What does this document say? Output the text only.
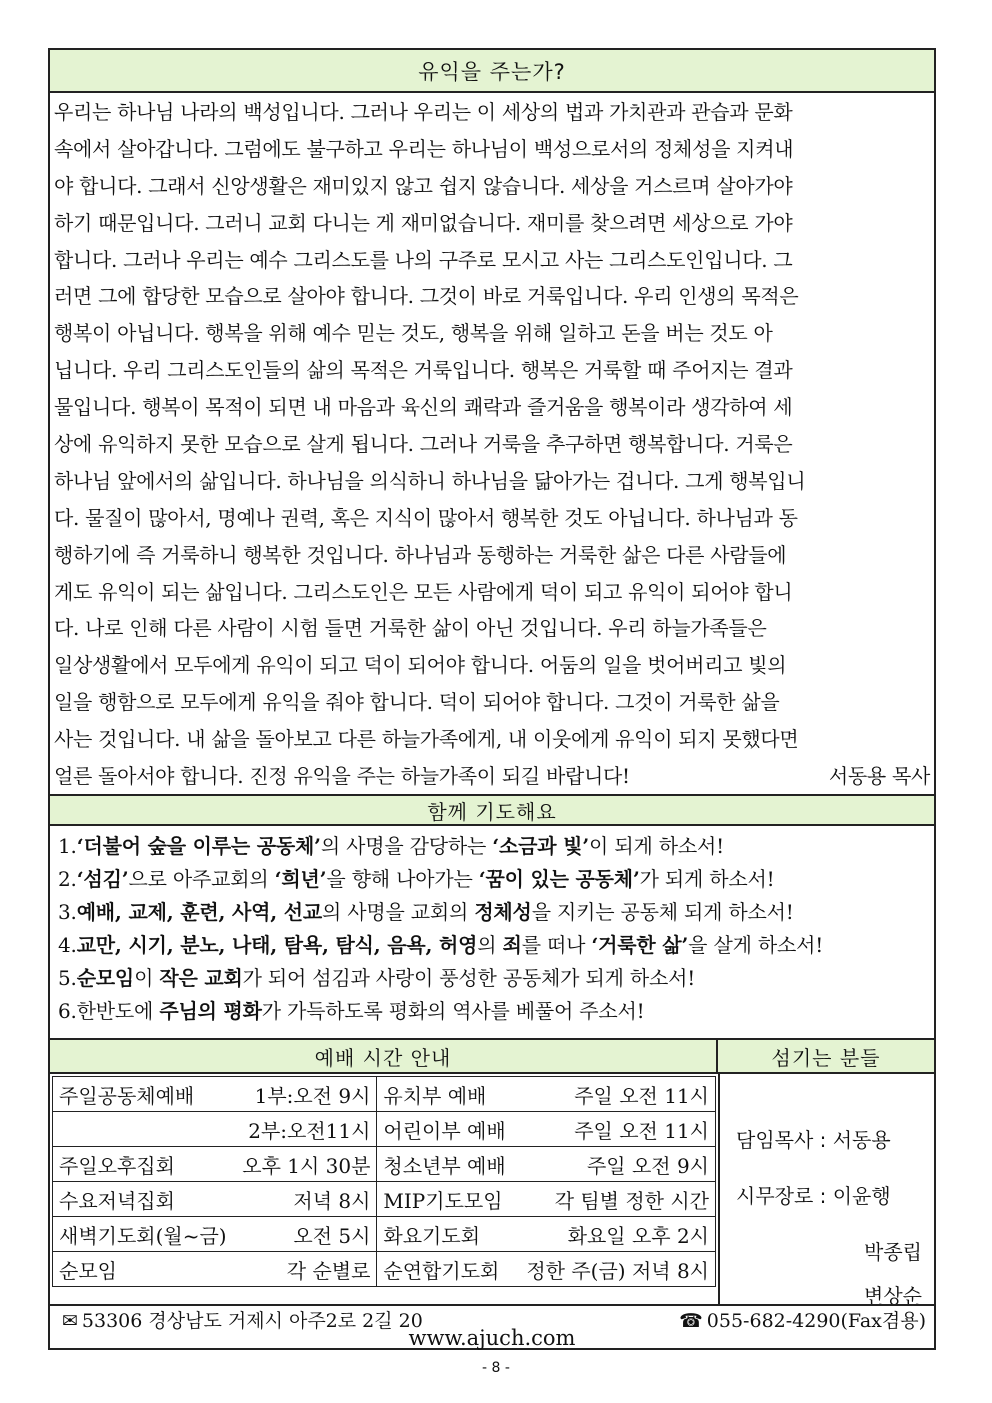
유익을 주는가?
우리는 하나님 나라의 백성입니다. 그러나 우리는 이 세상의 법과 가치관과 관습과 문화
속에서 살아갑니다. 그럼에도 불구하고 우리는 하나님이 백성으로서의 정체성을 지켜내
야 합니다. 그래서 신앙생활은 재미있지 않고 쉽지 않습니다. 세상을 거스르며 살아가야
하기 때문입니다. 그러니 교회 다니는 게 재미없습니다. 재미를 찾으려면 세상으로 가야
합니다. 그러나 우리는 예수 그리스도를 나의 구주로 모시고 사는 그리스도인입니다. 그
러면 그에 합당한 모습으로 살아야 합니다. 그것이 바로 거룩입니다. 우리 인생의 목적은
행복이 아닙니다. 행복을 위해 예수 믿는 것도, 행복을 위해 일하고 돈을 버는 것도 아
닙니다. 우리 그리스도인들의 삶의 목적은 거룩입니다. 행복은 거룩할 때 주어지는 결과
물입니다. 행복이 목적이 되면 내 마음과 육신의 쾌락과 즐거움을 행복이라 생각하여 세
상에 유익하지 못한 모습으로 살게 됩니다. 그러나 거룩을 추구하면 행복합니다. 거룩은
하나님 앞에서의 삶입니다. 하나님을 의식하니 하나님을 닮아가는 겁니다. 그게 행복입니
다. 물질이 많아서, 명예나 권력, 혹은 지식이 많아서 행복한 것도 아닙니다. 하나님과 동
행하기에 즉 거룩하니 행복한 것입니다. 하나님과 동행하는 거룩한 삶은 다른 사람들에
게도 유익이 되는 삶입니다. 그리스도인은 모든 사람에게 덕이 되고 유익이 되어야 합니
다. 나로 인해 다른 사람이 시험 들면 거룩한 삶이 아닌 것입니다. 우리 하늘가족들은
일상생활에서 모두에게 유익이 되고 덕이 되어야 합니다. 어둠의 일을 벗어버리고 빛의
일을 행함으로 모두에게 유익을 줘야 합니다. 덕이 되어야 합니다. 그것이 거룩한 삶을
사는 것입니다. 내 삶을 돌아보고 다른 하늘가족에게, 내 이웃에게 유익이 되지 못했다면
얼른 돌아서야 합니다. 진정 유익을 주는 하늘가족이 되길 바랍니다!	서동용 목사
함께 기도해요
1.‘더불어 숲을 이루는 공동체’의 사명을 감당하는 ‘소금과 빛’이 되게 하소서!
2.‘섬김’으로 아주교회의 ‘희년’을 향해 나아가는 ‘꿈이 있는 공동체’가 되게 하소서!
3.예배, 교제, 훈련, 사역, 선교의 사명을 교회의 정체성을 지키는 공동체 되게 하소서!
4.교만, 시기, 분노, 나태, 탐욕, 탐식, 음욕, 허영의 죄를 떠나 ‘거룩한 삶’을 살게 하소서!
5.순모임이 작은 교회가 되어 섬김과 사랑이 풍성한 공동체가 되게 하소서!
6.한반도에 주님의 평화가 가득하도록 평화의 역사를 베풀어 주소서!
예배 시간 안내	섬기는 분들
주일공동체예배 1부:오전 9시	유치부 예배 주일 오전 11시

2부:오전11시	어린이부 예배 주일 오전 11시

주일오후집회 오후 1시 30분	청소년부 예배 주일 오전 9시

수요저녁집회 저녁 8시	MIP기도모임 각 팀별 정한 시간

새벽기도회(월~금) 오전 5시	화요기도회 화요일 오후 2시

순모임 각 순별로	순연합기도회 정한 주(금) 저녁 8시
담임목사 : 서동용
시무장로 : 이윤행
박종립
변상순
✉ 53306 경상남도 거제시 아주2로 2길 20	☎ 055-682-4290(Fax겸용)
www.ajuch.com
- 8 -
